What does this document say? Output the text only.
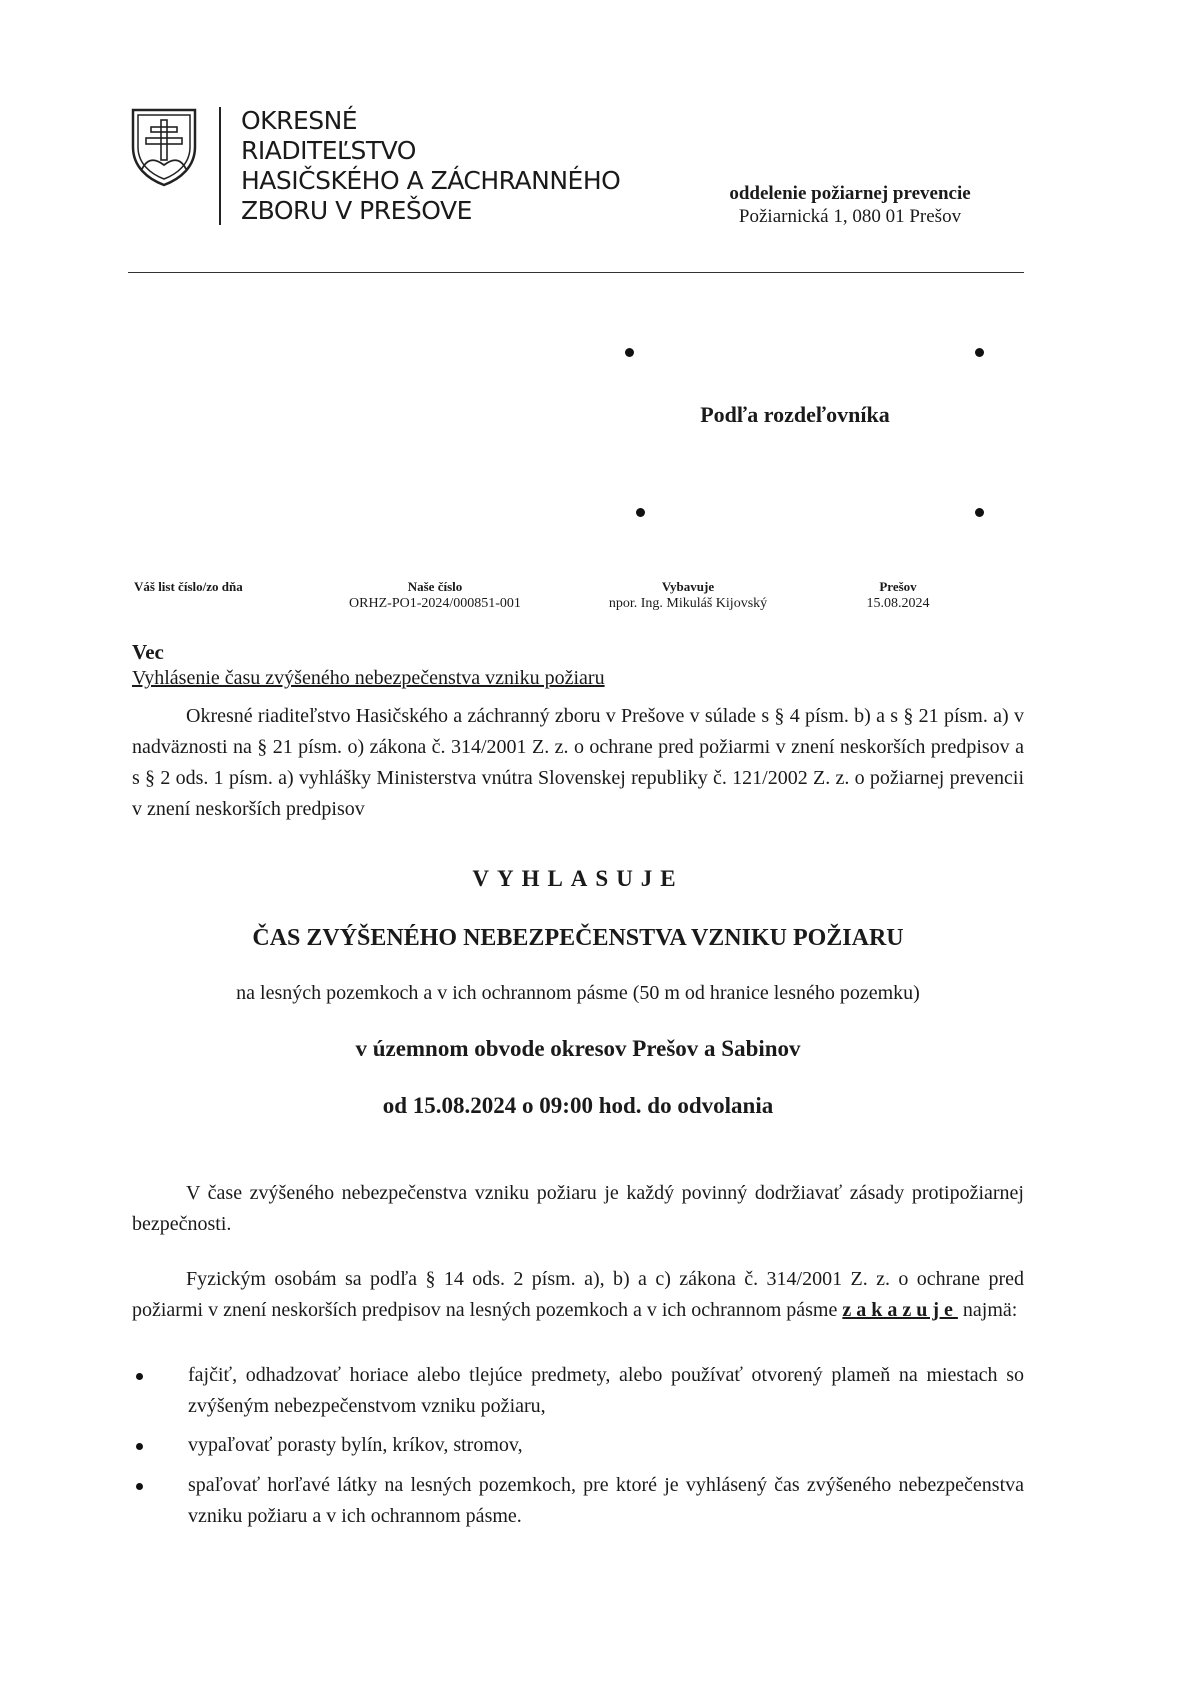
OKRESNÉ
RIADITEĽSTVO
HASIČSKÉHO A ZÁCHRANNÉHO
ZBORU V PREŠOVE
oddelenie požiarnej prevencie
Požiarnická 1, 080 01 Prešov
Podľa rozdeľovníka
Váš list číslo/zo dňa	Naše číslo
ORHZ-PO1-2024/000851-001
Vybavuje
npor. Ing. Mikuláš Kijovský
Prešov
15.08.2024
Vec
Vyhlásenie času zvýšeného nebezpečenstva vzniku požiaru
Okresné riaditeľstvo Hasičského a záchranný zboru v Prešove v súlade s § 4 písm. b) a s § 21 písm. a) v nadväznosti na § 21 písm. o) zákona č. 314/2001 Z. z. o ochrane pred požiarmi v znení neskorších predpisov a s § 2 ods. 1 písm. a) vyhlášky Ministerstva vnútra Slovenskej republiky č. 121/2002 Z. z. o požiarnej prevencii v znení neskorších predpisov
VYHLASUJE
ČAS ZVÝŠENÉHO NEBEZPEČENSTVA VZNIKU POŽIARU
na lesných pozemkoch a v ich ochrannom pásme (50 m od hranice lesného pozemku)
v územnom obvode okresov Prešov a Sabinov
od 15.08.2024 o 09:00 hod. do odvolania
V čase zvýšeného nebezpečenstva vzniku požiaru je každý povinný dodržiavať zásady protipožiarnej bezpečnosti.
Fyzickým osobám sa podľa § 14 ods. 2 písm. a), b) a c) zákona č. 314/2001 Z. z. o ochrane pred požiarmi v znení neskorších predpisov na lesných pozemkoch a v ich ochrannom pásme zakazuje najmä:
fajčiť, odhadzovať horiace alebo tlejúce predmety, alebo používať otvorený plameň na miestach so zvýšeným nebezpečenstvom vzniku požiaru,
vypaľovať porasty bylín, kríkov, stromov,
spaľovať horľavé látky na lesných pozemkoch, pre ktoré je vyhlásený čas zvýšeného nebezpečenstva vzniku požiaru a v ich ochrannom pásme.
